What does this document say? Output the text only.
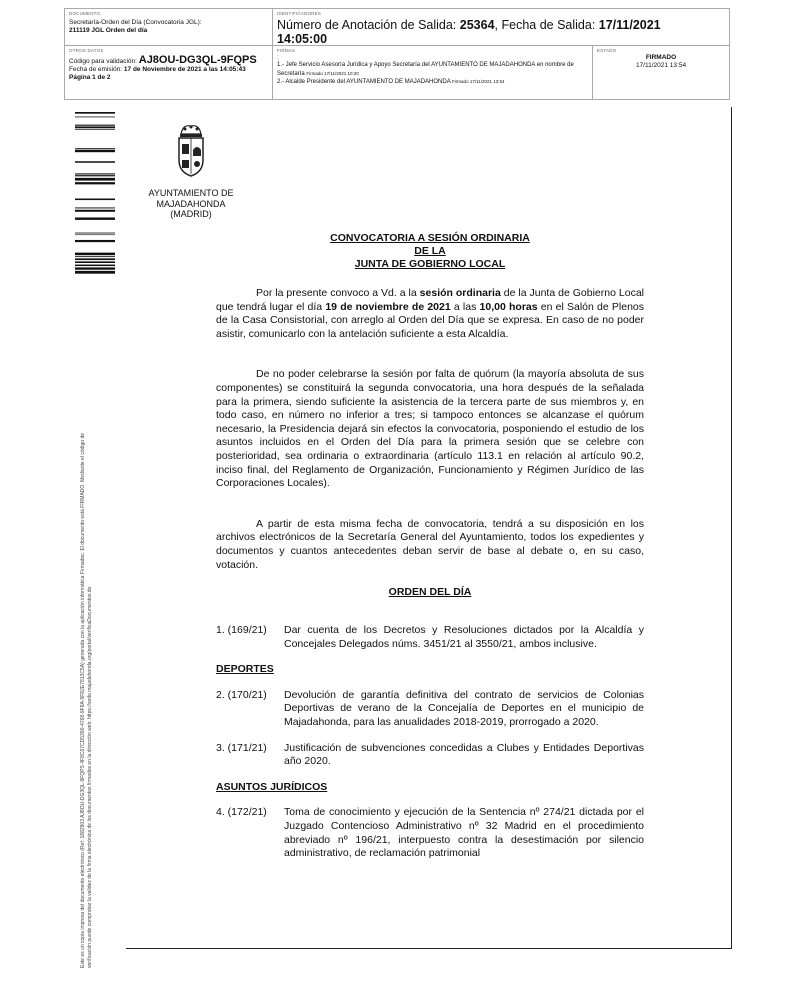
DOCUMENTO
Secretaría-Orden del Día (Convocatoria JGL):
211119 JGL Orden del día
IDENTIFICADORES
Número de Anotación de Salida: 25364, Fecha de Salida: 17/11/2021
14:05:00
OTROS DATOS
Código para validación: AJ8OU-DG3QL-9FQPS
Fecha de emisión: 17 de Noviembre de 2021 a las 14:05:43
Página 1 de 2
FIRMAS
:
1.- Jefe Servicio Asesoría Jurídica y Apoyo Secretaría del AYUNTAMIENTO DE MAJADAHONDA en nombre de Secretaría Firmado 17/11/2021 10:20
2.- Alcalde Presidente del AYUNTAMIENTO DE MAJADAHONDA Firmado 17/11/2021 13:54
ESTADO
FIRMADO
17/11/2021 13:54
Este es un copia impresa del documento electrónico (Ref: 1882903 AJ8OU-DG3QL-9FQPS 4F8C67CD5390-4768-9F8A-5F82E7813C5A) generada con la aplicación informática Firmadoc. El documento está FIRMADO. Mediante el código de verificación puede comprobar la validez de la firma electrónica de los documentos firmados en la dirección web: https://sede.majadahonda.org/portal/verificaDocumentos.do
AYUNTAMIENTO DE
MAJADAHONDA
(MADRID)
CONVOCATORIA A SESIÓN ORDINARIA
DE LA
JUNTA DE GOBIERNO LOCAL
Por la presente convoco a Vd. a la sesión ordinaria de la Junta de Gobierno Local que tendrá lugar el día 19 de noviembre de 2021 a las 10,00 horas en el Salón de Plenos de la Casa Consistorial, con arreglo al Orden del Día que se expresa. En caso de no poder asistir, comunicarlo con la antelación suficiente a esta Alcaldía.
De no poder celebrarse la sesión por falta de quórum (la mayoría absoluta de sus componentes) se constituirá la segunda convocatoria, una hora después de la señalada para la primera, siendo suficiente la asistencia de la tercera parte de sus miembros y, en todo caso, en número no inferior a tres; si tampoco entonces se alcanzase el quórum necesario, la Presidencia dejará sin efectos la convocatoria, posponiendo el estudio de los asuntos incluidos en el Orden del Día para la primera sesión que se celebre con posterioridad, sea ordinaria o extraordinaria (artículo 113.1 en relación al artículo 90.2, inciso final, del Reglamento de Organización, Funcionamiento y Régimen Jurídico de las Corporaciones Locales).
A partir de esta misma fecha de convocatoria, tendrá a su disposición en los archivos electrónicos de la Secretaría General del Ayuntamiento, todos los expedientes y documentos y cuantos antecedentes deban servir de base al debate o, en su caso, votación.
ORDEN DEL DÍA
1. (169/21)	Dar cuenta de los Decretos y Resoluciones dictados por la Alcaldía y Concejales Delegados núms. 3451/21 al 3550/21, ambos inclusive.
DEPORTES
2. (170/21)	Devolución de garantía definitiva del contrato de servicios de Colonias Deportivas de verano de la Concejalía de Deportes en el municipio de Majadahonda, para las anualidades 2018-2019, prorrogado a 2020.
3. (171/21)	Justificación de subvenciones concedidas a Clubes y Entidades Deportivas año 2020.
ASUNTOS JURÍDICOS
4. (172/21)	Toma de conocimiento y ejecución de la Sentencia nº 274/21 dictada por el Juzgado Contencioso Administrativo nº 32 Madrid en el procedimiento abreviado nº 196/21, interpuesto contra la desestimación por silencio administrativo, de reclamación patrimonial
